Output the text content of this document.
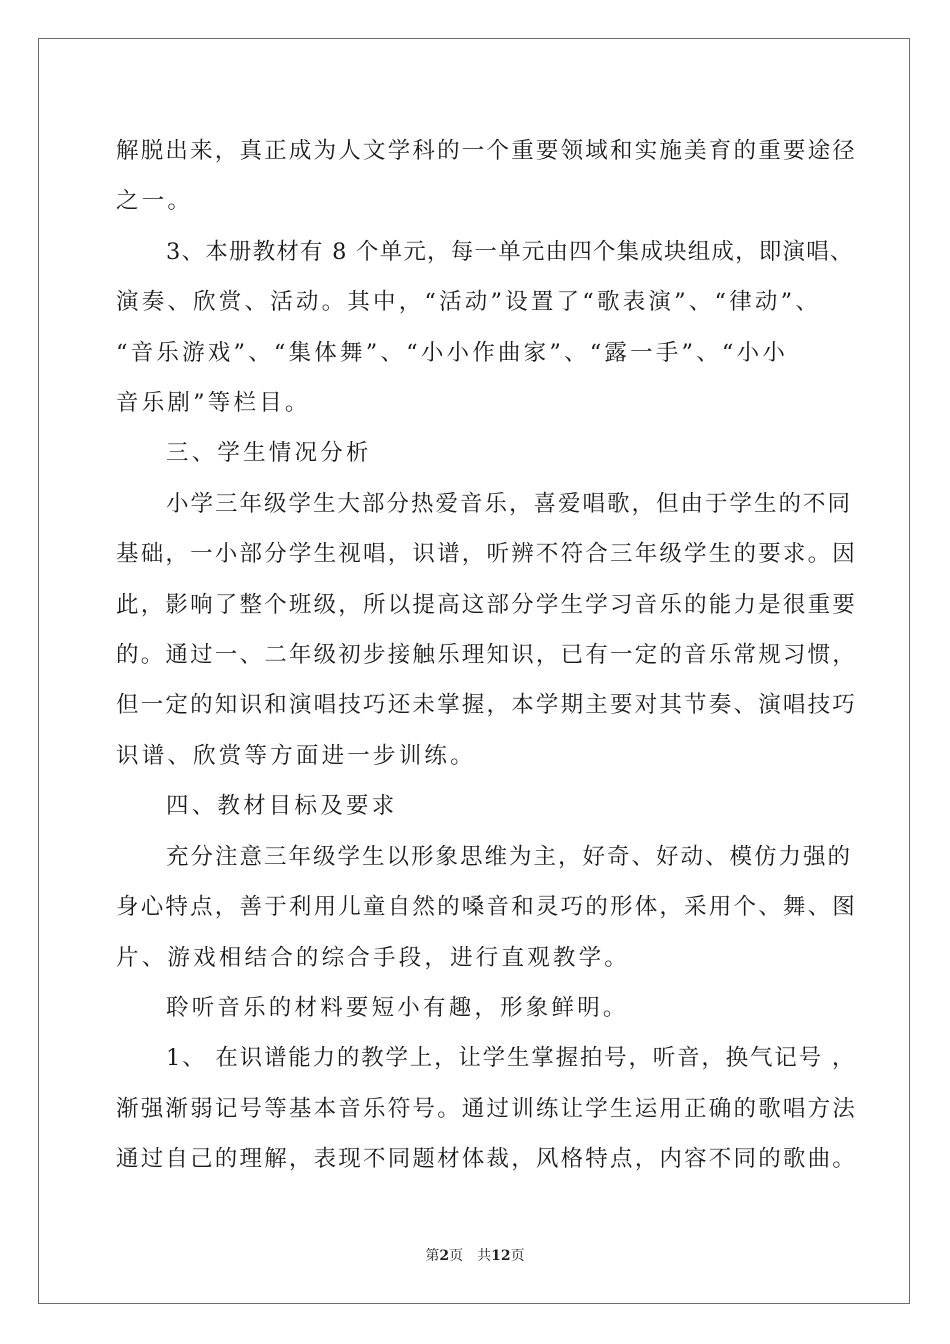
解脱出来，真正成为人文学科的一个重要领域和实施美育的重要途径

之一。

3、本册教材有 8 个单元，每一单元由四个集成块组成，即演唱、

演奏、欣赏、活动。其中，“活动”设置了“歌表演”、“律动”、

“音乐游戏”、“集体舞”、“小小作曲家”、“露一手”、“小小

音乐剧”等栏目。

三、学生情况分析

小学三年级学生大部分热爱音乐，喜爱唱歌，但由于学生的不同

基础，一小部分学生视唱，识谱，听辨不符合三年级学生的要求。因

此，影响了整个班级，所以提高这部分学生学习音乐的能力是很重要

的。通过一、二年级初步接触乐理知识，已有一定的音乐常规习惯，

但一定的知识和演唱技巧还未掌握，本学期主要对其节奏、演唱技巧

识谱、欣赏等方面进一步训练。

四、教材目标及要求

充分注意三年级学生以形象思维为主，好奇、好动、模仿力强的

身心特点，善于利用儿童自然的嗓音和灵巧的形体，采用个、舞、图

片、游戏相结合的综合手段，进行直观教学。

聆听音乐的材料要短小有趣，形象鲜明。

1、 在识谱能力的教学上，让学生掌握拍号，听音，换气记号 ，

渐强渐弱记号等基本音乐符号。通过训练让学生运用正确的歌唱方法

通过自己的理解，表现不同题材体裁，风格特点，内容不同的歌曲。

第2页 共12页
